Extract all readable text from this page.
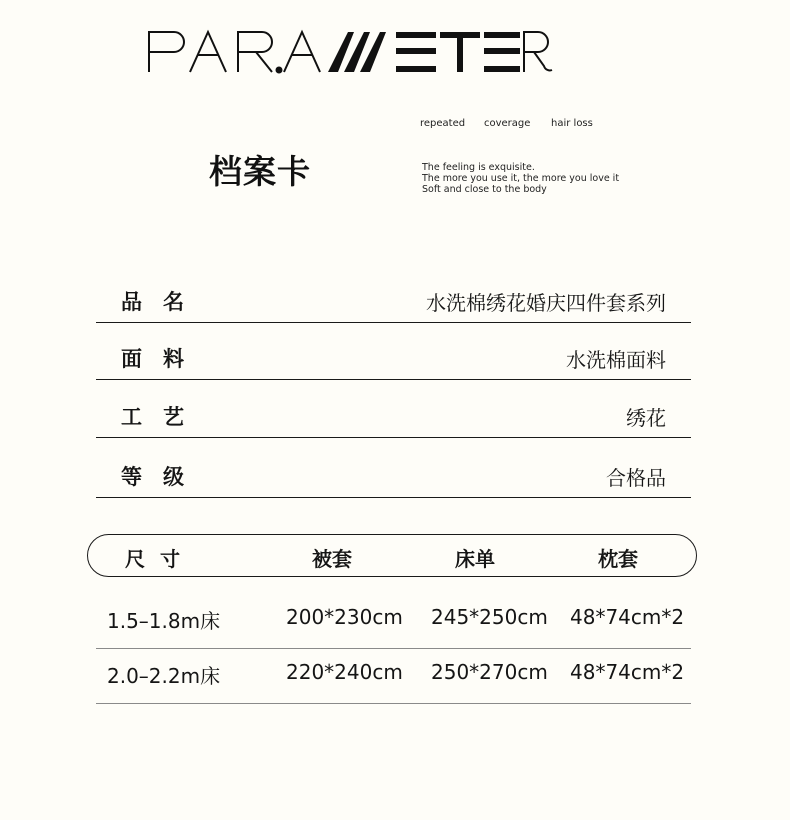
repeated coverage hair loss
档案卡	The feeling is exquisite.
The more you use it, the more you love it
Soft and close to the body
品名	水洗棉绣花婚庆四件套系列
面料	水洗棉面料
工艺	绣花
等级	合格品
尺 寸	被套	床单	枕套
1.5–1.8m床	200*230cm 245*250cm 48*74cm*2
2.0–2.2m床	220*240cm 250*270cm 48*74cm*2
